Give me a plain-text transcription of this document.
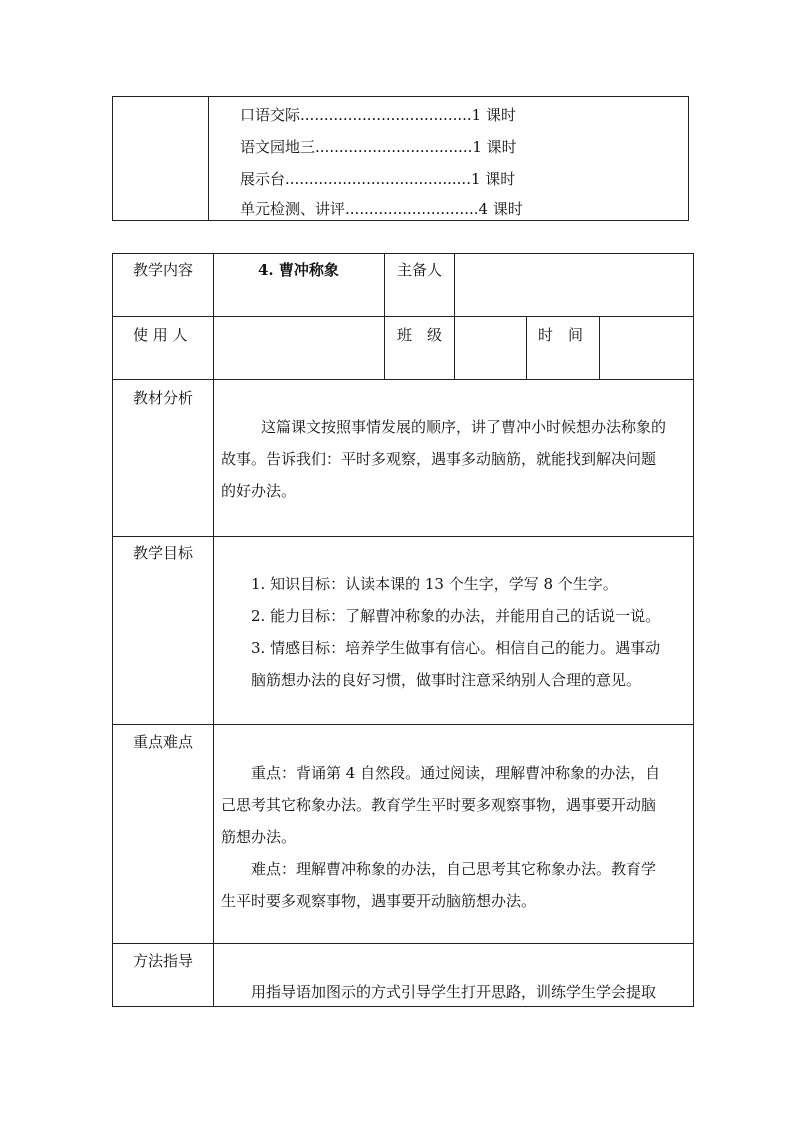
口语交际....................................1 课时
语文园地三.................................1 课时
展示台.......................................1 课时
单元检测、讲评............................4 课时
教学内容	4. 曹冲称象	主备人
使 用 人	班　级	时　间
教材分析
这篇课文按照事情发展的顺序，讲了曹冲小时候想办法称象的
故事。告诉我们：平时多观察，遇事多动脑筋，就能找到解决问题
的好办法。
教学目标
1. 知识目标：认读本课的 13 个生字，学写 8 个生字。
2. 能力目标：了解曹冲称象的办法，并能用自己的话说一说。
3. 情感目标：培养学生做事有信心。相信自己的能力。遇事动
脑筋想办法的良好习惯，做事时注意采纳别人合理的意见。
重点难点
重点：背诵第 4 自然段。通过阅读，理解曹冲称象的办法，自
己思考其它称象办法。教育学生平时要多观察事物，遇事要开动脑
筋想办法。
难点：理解曹冲称象的办法，自己思考其它称象办法。教育学
生平时要多观察事物，遇事要开动脑筋想办法。
方法指导
用指导语加图示的方式引导学生打开思路，训练学生学会提取
